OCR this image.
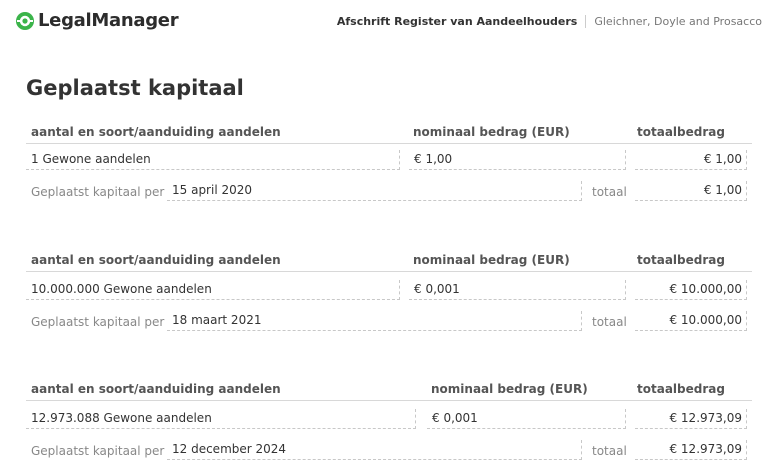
LegalManager	Afschrift Register van Aandeelhouders Gleichner, Doyle and Prosacco
Geplaatst kapitaal
aantal en soort/aanduiding aandelen	nominaal bedrag (EUR)	totaalbedrag
1 Gewone aandelen	€ 1,00	€ 1,00
Geplaatst kapitaal per 15 april 2020	totaal	€ 1,00
aantal en soort/aanduiding aandelen	nominaal bedrag (EUR)	totaalbedrag
10.000.000 Gewone aandelen	€ 0,001	€ 10.000,00
Geplaatst kapitaal per 18 maart 2021	totaal	€ 10.000,00
aantal en soort/aanduiding aandelen	nominaal bedrag (EUR)	totaalbedrag
12.973.088 Gewone aandelen	€ 0,001	€ 12.973,09
Geplaatst kapitaal per 12 december 2024	totaal	€ 12.973,09
